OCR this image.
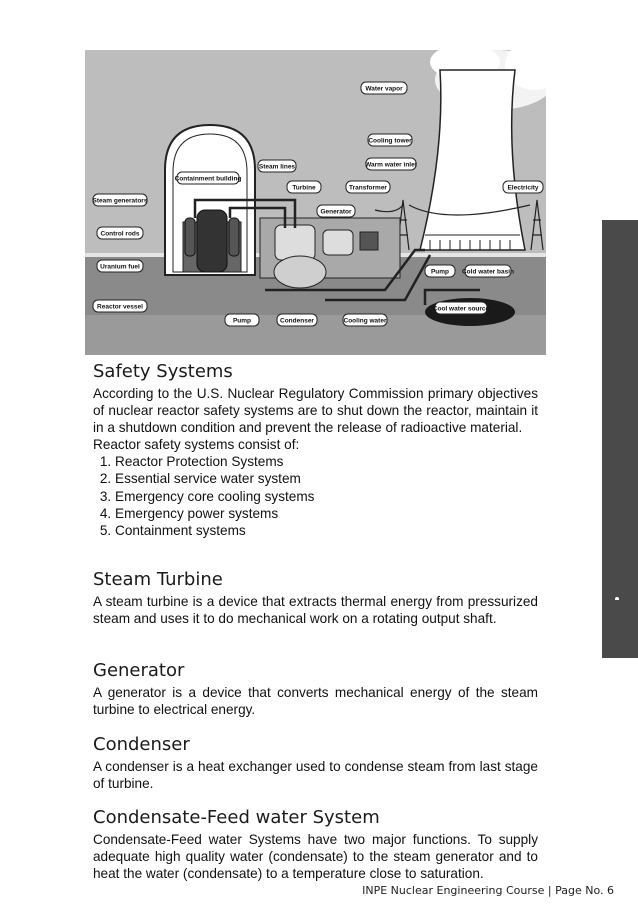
Water vapor
Cooling tower
Warm water inlet
Containment building
Steam lines
Turbine	Transformer	Electricity
Generator
Steam generators
Control rods
Uranium fuel
Reactor vessel
Pump	Condenser	Cooling water
Pump Cold water basin
Cool water source
Safety Systems

According to the U.S. Nuclear Regulatory Commission primary objectives of nuclear reactor safety systems are to shut down the reactor, maintain it in a shutdown condition and prevent the release of radioactive material.

Reactor safety systems consist of:

1. Reactor Protection Systems
2. Essential service water system
3. Emergency core cooling systems
4. Emergency power systems
5. Containment systems
Steam Turbine

A steam turbine is a device that extracts thermal energy from pressurized steam and uses it to do mechanical work on a rotating output shaft.

Generator

A generator is a device that converts mechanical energy of the steam turbine to electrical energy.

Condenser

A condenser is a heat exchanger used to condense steam from last stage of turbine.

Condensate-Feed water System

Condensate-Feed water Systems have two major functions. To supply adequate high quality water (condensate) to the steam generator and to heat the water (condensate) to a temperature close to saturation.

INPE Nuclear Engineering Course | Page No. 6
